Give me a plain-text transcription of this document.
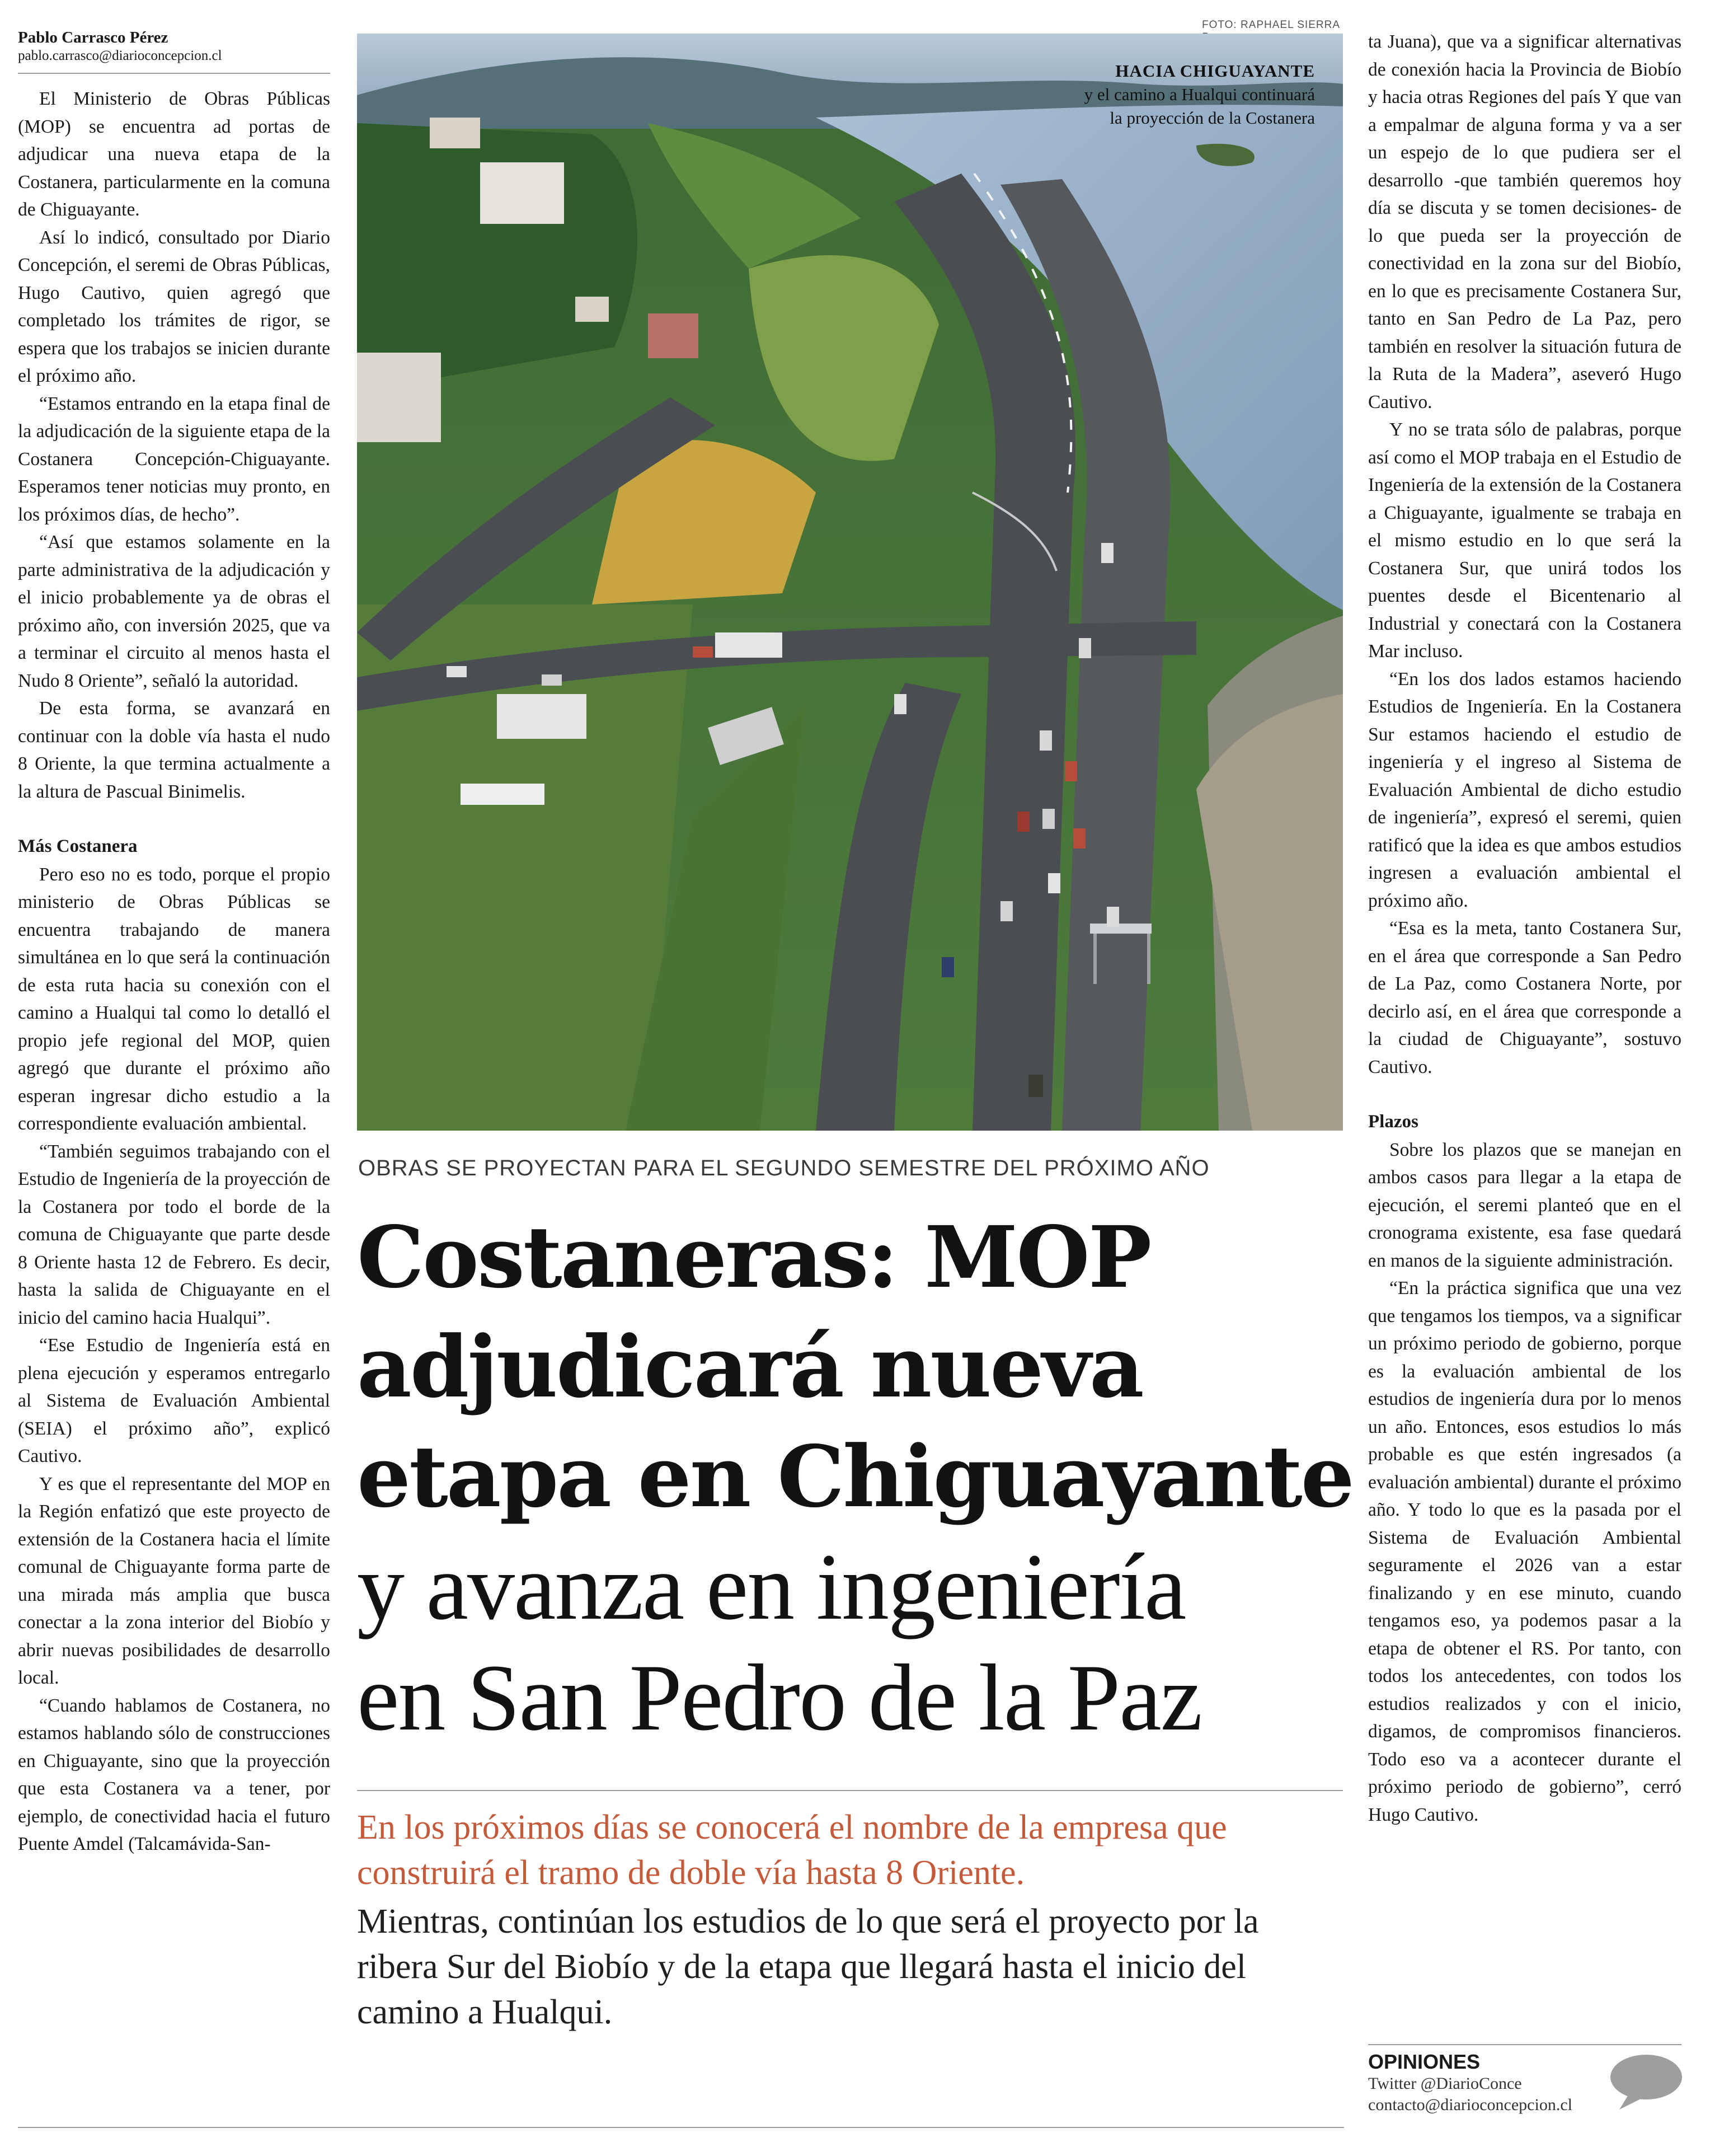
Pablo Carrasco Pérez

pablo.carrasco@diarioconcepcion.cl

El Ministerio de Obras Públicas (MOP) se encuentra ad portas de adjudicar una nueva etapa de la Costanera, particularmente en la comuna de Chiguayante.

Así lo indicó, consultado por Diario Concepción, el seremi de Obras Públicas, Hugo Cautivo, quien agregó que completado los trámites de rigor, se espera que los trabajos se inicien durante el próximo año.

“Estamos entrando en la etapa final de la adjudicación de la siguiente etapa de la Costanera Concepción-Chiguayante. Esperamos tener noticias muy pronto, en los próximos días, de hecho”.

“Así que estamos solamente en la parte administrativa de la adjudicación y el inicio probablemente ya de obras el próximo año, con inversión 2025, que va a terminar el circuito al menos hasta el Nudo 8 Oriente”, señaló la autoridad.

De esta forma, se avanzará en continuar con la doble vía hasta el nudo 8 Oriente, la que termina actualmente a la altura de Pascual Binimelis.

Más Costanera

Pero eso no es todo, porque el propio ministerio de Obras Públicas se encuentra trabajando de manera simultánea en lo que será la continuación de esta ruta hacia su conexión con el camino a Hualqui tal como lo detalló el propio jefe regional del MOP, quien agregó que durante el próximo año esperan ingresar dicho estudio a la correspondiente evaluación ambiental.

“También seguimos trabajando con el Estudio de Ingeniería de la proyección de la Costanera por todo el borde de la comuna de Chiguayante que parte desde 8 Oriente hasta 12 de Febrero. Es decir, hasta la salida de Chiguayante en el inicio del camino hacia Hualqui”.

“Ese Estudio de Ingeniería está en plena ejecución y esperamos entregarlo al Sistema de Evaluación Ambiental (SEIA) el próximo año”, explicó Cautivo.

Y es que el representante del MOP en la Región enfatizó que este proyecto de extensión de la Costanera hacia el límite comunal de Chiguayante forma parte de una mirada más amplia que busca conectar a la zona interior del Biobío y abrir nuevas posibilidades de desarrollo local.

“Cuando hablamos de Costanera, no estamos hablando sólo de construcciones en Chiguayante, sino que la proyección que esta Costanera va a tener, por ejemplo, de conectividad hacia el futuro Puente Amdel (Talcamávida-San-

FOTO: RAPHAEL SIERRA
HACIA CHIGUAYANTE
y el camino a Hualqui continuará la proyección de la Costanera
OBRAS SE PROYECTAN PARA EL SEGUNDO SEMESTRE DEL PRÓXIMO AÑO
Costaneras: MOP
adjudicará nueva
etapa en Chiguayante
y avanza en ingeniería
en San Pedro de la Paz

En los próximos días se conocerá el nombre de la empresa que construirá el tramo de doble vía hasta 8 Oriente.

Mientras, continúan los estudios de lo que será el proyecto por la ribera Sur del Biobío y de la etapa que llegará hasta el inicio del camino a Hualqui.

ta Juana), que va a significar alternativas de conexión hacia la Provincia de Biobío y hacia otras Regiones del país Y que van a empalmar de alguna forma y va a ser un espejo de lo que pudiera ser el desarrollo -que también queremos hoy día se discuta y se tomen decisiones- de lo que pueda ser la proyección de conectividad en la zona sur del Biobío, en lo que es precisamente Costanera Sur, tanto en San Pedro de La Paz, pero también en resolver la situación futura de la Ruta de la Madera”, aseveró Hugo Cautivo.

Y no se trata sólo de palabras, porque así como el MOP trabaja en el Estudio de Ingeniería de la extensión de la Costanera a Chiguayante, igualmente se trabaja en el mismo estudio en lo que será la Costanera Sur, que unirá todos los puentes desde el Bicentenario al Industrial y conectará con la Costanera Mar incluso.

“En los dos lados estamos haciendo Estudios de Ingeniería. En la Costanera Sur estamos haciendo el estudio de ingeniería y el ingreso al Sistema de Evaluación Ambiental de dicho estudio de ingeniería”, expresó el seremi, quien ratificó que la idea es que ambos estudios ingresen a evaluación ambiental el próximo año.

“Esa es la meta, tanto Costanera Sur, en el área que corresponde a San Pedro de La Paz, como Costanera Norte, por decirlo así, en el área que corresponde a la ciudad de Chiguayante”, sostuvo Cautivo.

Plazos

Sobre los plazos que se manejan en ambos casos para llegar a la etapa de ejecución, el seremi planteó que en el cronograma existente, esa fase quedará en manos de la siguiente administración.

“En la práctica significa que una vez que tengamos los tiempos, va a significar un próximo periodo de gobierno, porque es la evaluación ambiental de los estudios de ingeniería dura por lo menos un año. Entonces, esos estudios lo más probable es que estén ingresados (a evaluación ambiental) durante el próximo año. Y todo lo que es la pasada por el Sistema de Evaluación Ambiental seguramente el 2026 van a estar finalizando y en ese minuto, cuando tengamos eso, ya podemos pasar a la etapa de obtener el RS. Por tanto, con todos los antecedentes, con todos los estudios realizados y con el inicio, digamos, de compromisos financieros. Todo eso va a acontecer durante el próximo periodo de gobierno”, cerró Hugo Cautivo.

OPINIONES

Twitter @DiarioConce

contacto@diarioconcepcion.cl
